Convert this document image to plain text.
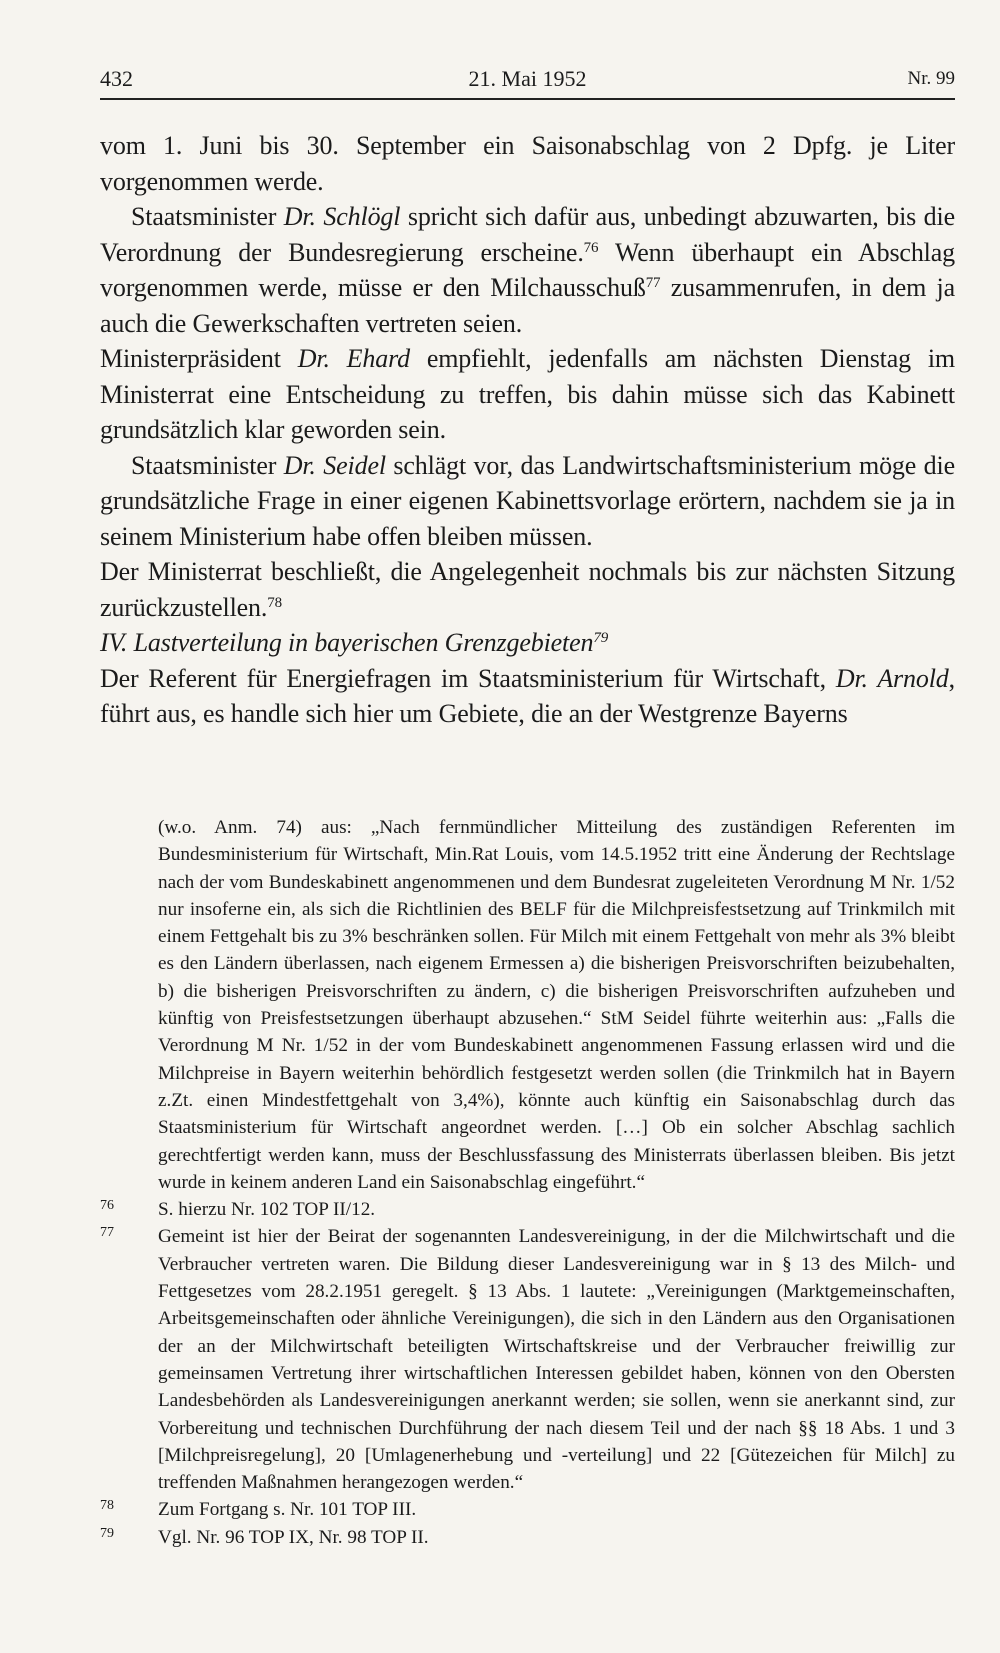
432	21. Mai 1952	Nr. 99

vom 1. Juni bis 30. September ein Saisonabschlag von 2 Dpfg. je Liter vorgenommen werde.

Staatsminister Dr. Schlögl spricht sich dafür aus, unbedingt abzuwarten, bis die Verordnung der Bundesregierung erscheine.$^{76}$ Wenn überhaupt ein Abschlag vorgenommen werde, müsse er den Milchausschuß$^{77}$ zusammenrufen, in dem ja auch die Gewerkschaften vertreten seien.

Ministerpräsident Dr. Ehard empfiehlt, jedenfalls am nächsten Dienstag im Ministerrat eine Entscheidung zu treffen, bis dahin müsse sich das Kabinett grundsätzlich klar geworden sein.

Staatsminister Dr. Seidel schlägt vor, das Landwirtschaftsministerium möge die grundsätzliche Frage in einer eigenen Kabinettsvorlage erörtern, nachdem sie ja in seinem Ministerium habe offen bleiben müssen.

Der Ministerrat beschließt, die Angelegenheit nochmals bis zur nächsten Sitzung zurückzustellen.$^{78}$

IV. Lastverteilung in bayerischen Grenzgebieten$^{79}$

Der Referent für Energiefragen im Staatsministerium für Wirtschaft, Dr. Arnold, führt aus, es handle sich hier um Gebiete, die an der Westgrenze Bayerns

(w.o. Anm. 74) aus: „Nach fernmündlicher Mitteilung des zuständigen Referenten im Bundesministerium für Wirtschaft, Min.Rat Louis, vom 14.5.1952 tritt eine Änderung der Rechtslage nach der vom Bundeskabinett angenommenen und dem Bundesrat zugeleiteten Verordnung M Nr. 1/52 nur insoferne ein, als sich die Richtlinien des BELF für die Milchpreisfestsetzung auf Trinkmilch mit einem Fettgehalt bis zu 3% beschränken sollen. Für Milch mit einem Fettgehalt von mehr als 3% bleibt es den Ländern überlassen, nach eigenem Ermessen a) die bisherigen Preisvorschriften beizubehalten, b) die bisherigen Preisvorschriften zu ändern, c) die bisherigen Preisvorschriften aufzuheben und künftig von Preisfestsetzungen überhaupt abzusehen.“ StM Seidel führte weiterhin aus: „Falls die Verordnung M Nr. 1/52 in der vom Bundeskabinett angenommenen Fassung erlassen wird und die Milchpreise in Bayern weiterhin behördlich festgesetzt werden sollen (die Trinkmilch hat in Bayern z.Zt. einen Mindestfettgehalt von 3,4%), könnte auch künftig ein Saisonabschlag durch das Staatsministerium für Wirtschaft angeordnet werden. […] Ob ein solcher Abschlag sachlich gerechtfertigt werden kann, muss der Beschlussfassung des Ministerrats überlassen bleiben. Bis jetzt wurde in keinem anderen Land ein Saisonabschlag eingeführt.“

76 S. hierzu Nr. 102 TOP II/12.

77 Gemeint ist hier der Beirat der sogenannten Landesvereinigung, in der die Milchwirtschaft und die Verbraucher vertreten waren. Die Bildung dieser Landesvereinigung war in § 13 des Milch- und Fettgesetzes vom 28.2.1951 geregelt. § 13 Abs. 1 lautete: „Vereinigungen (Marktgemeinschaften, Arbeitsgemeinschaften oder ähnliche Vereinigungen), die sich in den Ländern aus den Organisationen der an der Milchwirtschaft beteiligten Wirtschaftskreise und der Verbraucher freiwillig zur gemeinsamen Vertretung ihrer wirtschaftlichen Interessen gebildet haben, können von den Obersten Landesbehörden als Landesvereinigungen anerkannt werden; sie sollen, wenn sie anerkannt sind, zur Vorbereitung und technischen Durchführung der nach diesem Teil und der nach §§ 18 Abs. 1 und 3 [Milchpreisregelung], 20 [Umlagenerhebung und -verteilung] und 22 [Gütezeichen für Milch] zu treffenden Maßnahmen herangezogen werden.“

78 Zum Fortgang s. Nr. 101 TOP III.

79 Vgl. Nr. 96 TOP IX, Nr. 98 TOP II.
